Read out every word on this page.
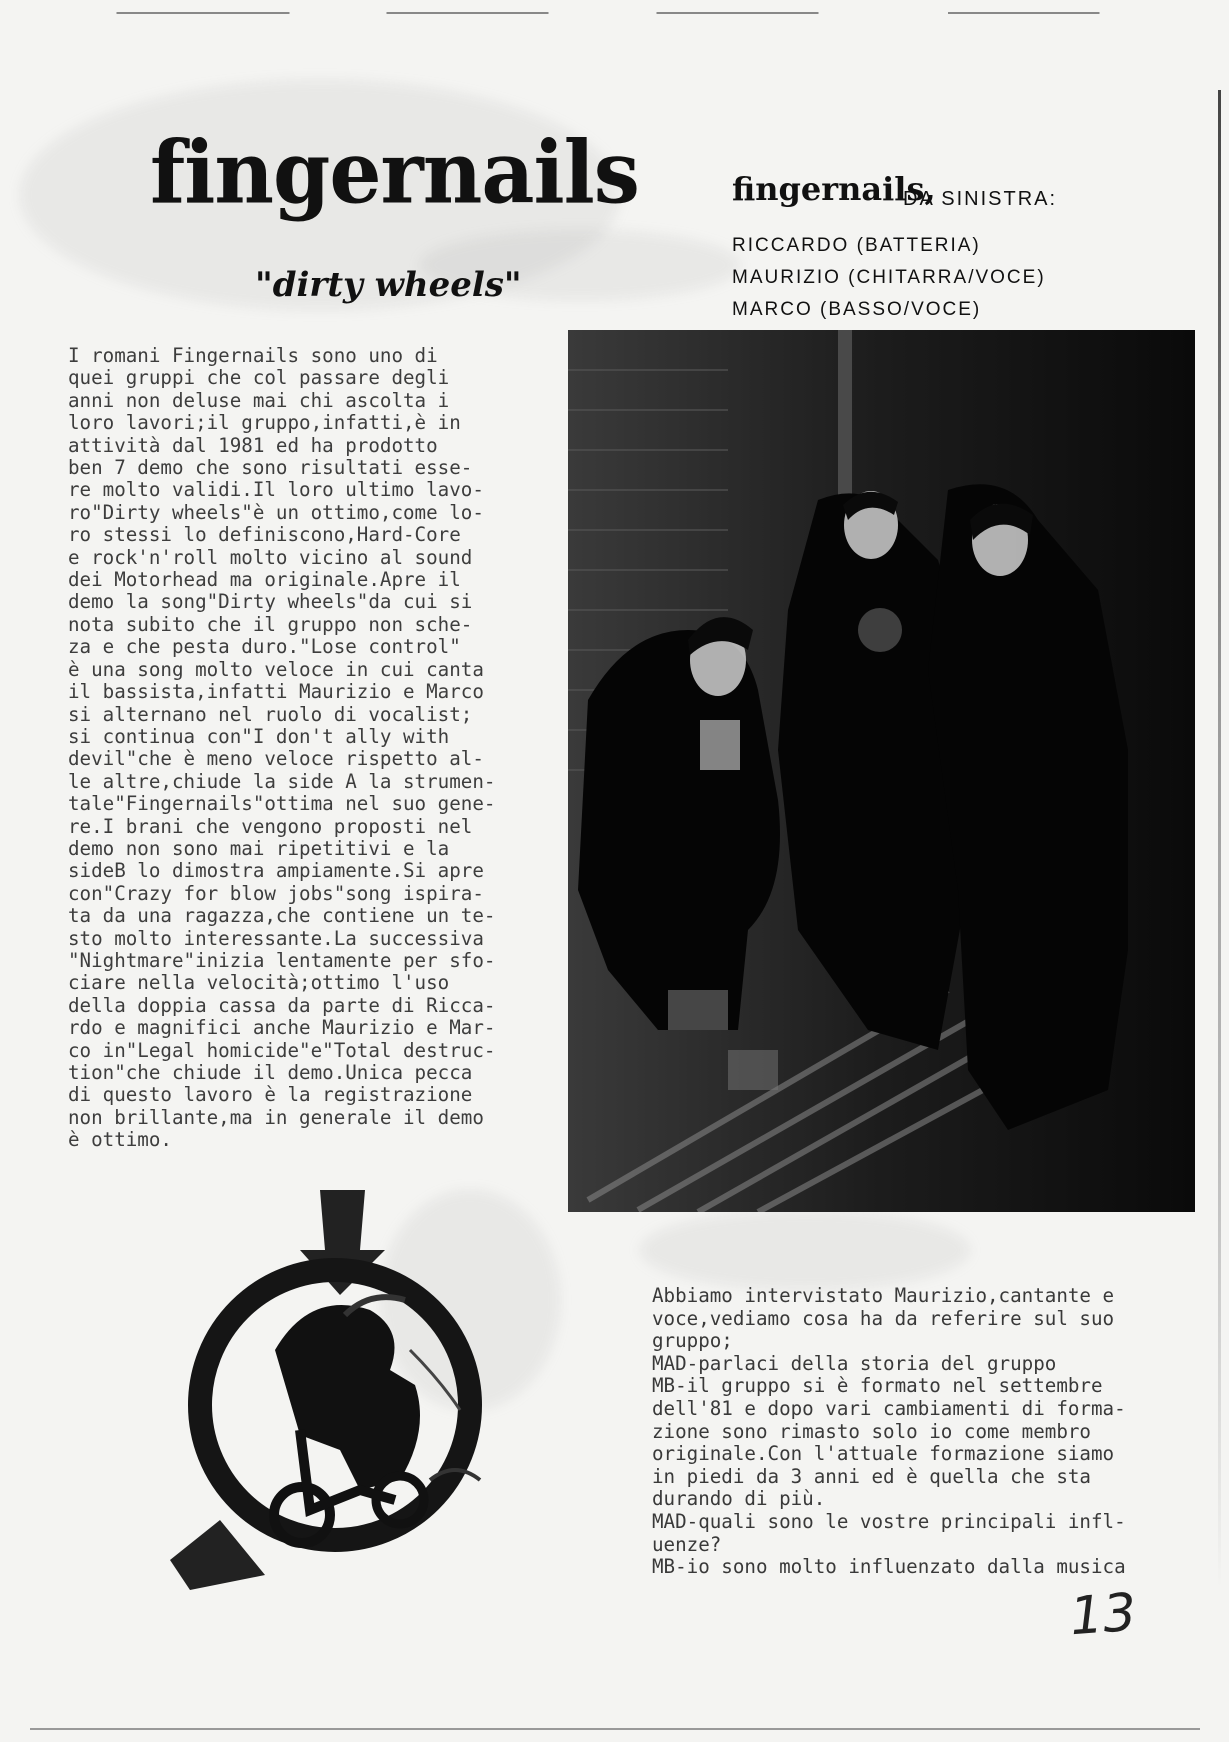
fingernails
"dirty wheels"
fingernails,
DA SINISTRA:
RICCARDO (BATTERIA)
MAURIZIO (CHITARRA/VOCE)
MARCO (BASSO/VOCE)
I romani Fingernails sono uno di
quei gruppi che col passare degli
anni non deluse mai chi ascolta i
loro lavori;il gruppo,infatti,è in
attività dal 1981 ed ha prodotto
ben 7 demo che sono risultati esse-
re molto validi.Il loro ultimo lavo-
ro"Dirty wheels"è un ottimo,come lo-
ro stessi lo definiscono,Hard-Core
e rock'n'roll molto vicino al sound
dei Motorhead ma originale.Apre il
demo la song"Dirty wheels"da cui si
nota subito che il gruppo non sche-
za e che pesta duro."Lose control"
è una song molto veloce in cui canta
il bassista,infatti Maurizio e Marco
si alternano nel ruolo di vocalist;
si continua con"I don't ally with
devil"che è meno veloce rispetto al-
le altre,chiude la side A la strumen-
tale"Fingernails"ottima nel suo gene-
re.I brani che vengono proposti nel
demo non sono mai ripetitivi e la
sideB lo dimostra ampiamente.Si apre
con"Crazy for blow jobs"song ispira-
ta da una ragazza,che contiene un te-
sto molto interessante.La successiva
"Nightmare"inizia lentamente per sfo-
ciare nella velocità;ottimo l'uso
della doppia cassa da parte di Ricca-
rdo e magnifici anche Maurizio e Mar-
co in"Legal homicide"e"Total destruc-
tion"che chiude il demo.Unica pecca
di questo lavoro è la registrazione
non brillante,ma in generale il demo
è ottimo.
Abbiamo intervistato Maurizio,cantante e
voce,vediamo cosa ha da referire sul suo
gruppo;
MAD-parlaci della storia del gruppo
MB-il gruppo si è formato nel settembre
dell'81 e dopo vari cambiamenti di forma-
zione sono rimasto solo io come membro
originale.Con l'attuale formazione siamo
in piedi da 3 anni ed è quella che sta
durando di più.
MAD-quali sono le vostre principali infl-
uenze?
MB-io sono molto influenzato dalla musica
13
